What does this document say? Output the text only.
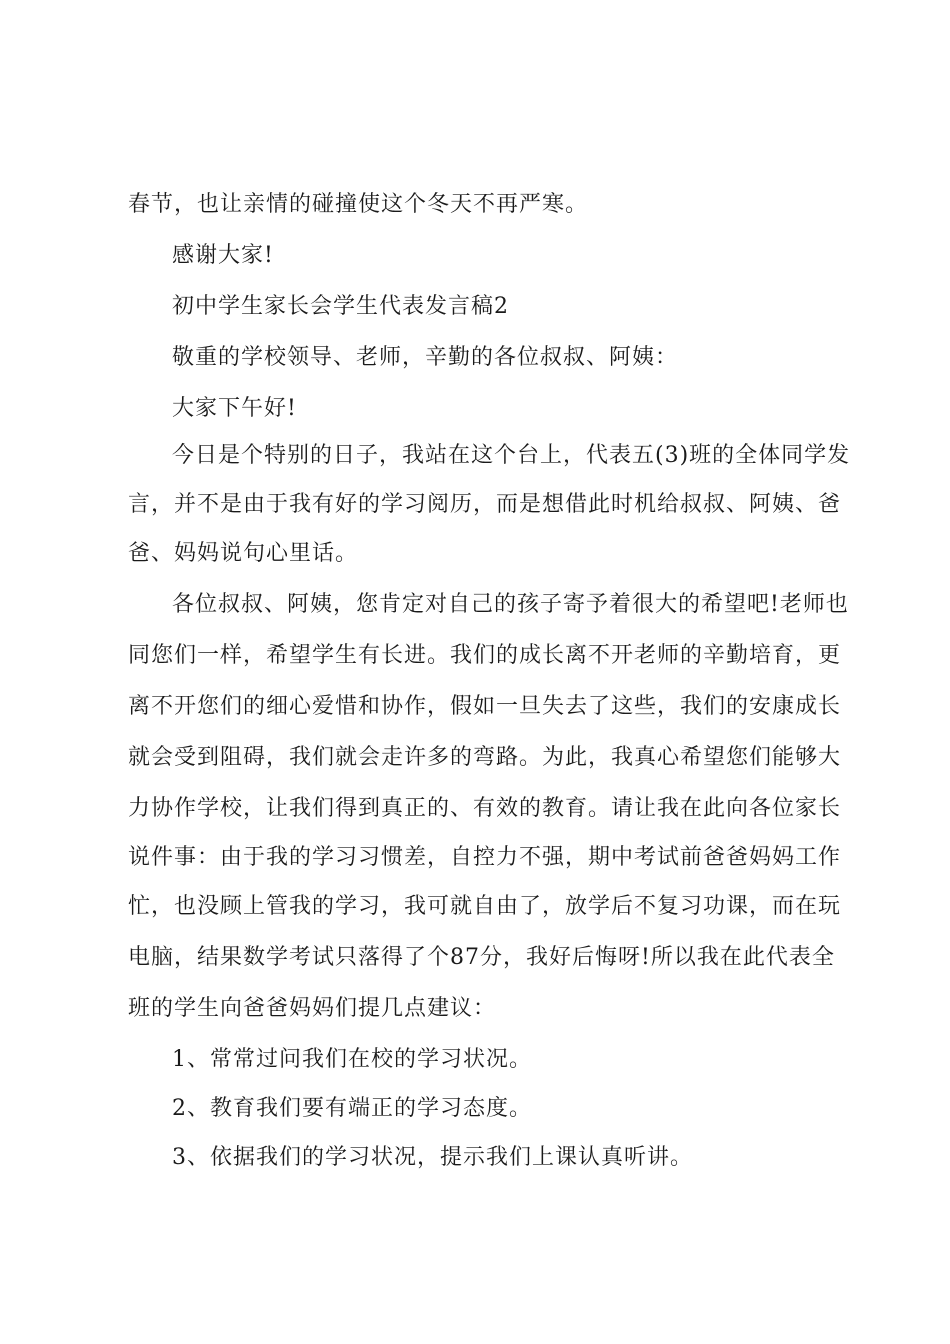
春节，也让亲情的碰撞使这个冬天不再严寒。
感谢大家!
初中学生家长会学生代表发言稿2
敬重的学校领导、老师，辛勤的各位叔叔、阿姨：
大家下午好!
今日是个特别的日子，我站在这个台上，代表五(3)班的全体同学发
言，并不是由于我有好的学习阅历，而是想借此时机给叔叔、阿姨、爸
爸、妈妈说句心里话。
各位叔叔、阿姨，您肯定对自己的孩子寄予着很大的希望吧!老师也
同您们一样，希望学生有长进。我们的成长离不开老师的辛勤培育，更
离不开您们的细心爱惜和协作，假如一旦失去了这些，我们的安康成长
就会受到阻碍，我们就会走许多的弯路。为此，我真心希望您们能够大
力协作学校，让我们得到真正的、有效的教育。请让我在此向各位家长
说件事：由于我的学习习惯差，自控力不强，期中考试前爸爸妈妈工作
忙，也没顾上管我的学习，我可就自由了，放学后不复习功课，而在玩
电脑，结果数学考试只落得了个87分，我好后悔呀!所以我在此代表全
班的学生向爸爸妈妈们提几点建议：
1、常常过问我们在校的学习状况。
2、教育我们要有端正的学习态度。
3、依据我们的学习状况，提示我们上课认真听讲。
